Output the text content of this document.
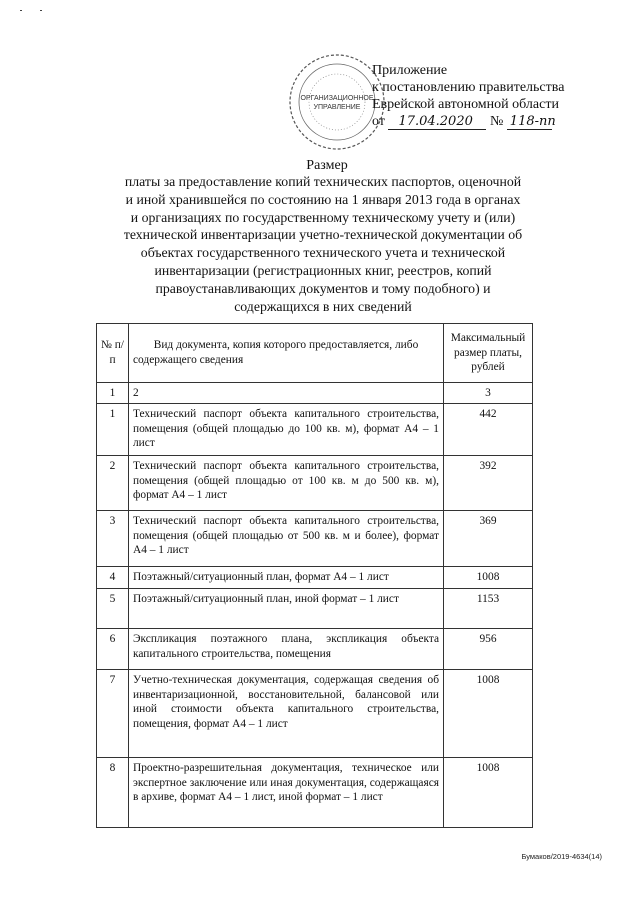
ОРГАНИЗАЦИОННОЕ
УПРАВЛЕНИЕ
Приложение
к постановлению правительства
Еврейской автономной области
от 17.04.2020 № 118-пп
Размер
платы за предоставление копий технических паспортов, оценочной и иной хранившейся по состоянию на 1 января 2013 года в органах и организациях по государственному техническому учету и (или) технической инвентаризации учетно-технической документации об объектах государственного технического учета и технической инвентаризации (регистрационных книг, реестров, копий правоустанавливающих документов и тому подобного) и содержащихся в них сведений
№ п/п	Вид документа, копия которого предоставляется, либо содержащего сведения	Максимальный размер платы, рублей
1	2	3
1	Технический паспорт объекта капитального строительства, помещения (общей площадью до 100 кв. м), формат А4 – 1 лист	442
2	Технический паспорт объекта капитального строительства, помещения (общей площадью от 100 кв. м до 500 кв. м), формат А4 – 1 лист	392
3	Технический паспорт объекта капитального строительства, помещения (общей площадью от 500 кв. м и более), формат А4 – 1 лист	369
4	Поэтажный/ситуационный план, формат А4 – 1 лист	1008
5	Поэтажный/ситуационный план, иной формат – 1 лист	1153
6	Экспликация поэтажного плана, экспликация объекта капитального строительства, помещения	956
7	Учетно-техническая документация, содержащая сведения об инвентаризационной, восстановительной, балансовой или иной стоимости объекта капитального строительства, помещения, формат А4 – 1 лист	1008
8	Проектно-разрешительная документация, техническое или экспертное заключение или иная документация, содержащаяся в архиве, формат А4 – 1 лист, иной формат – 1 лист	1008
Бумаков/2019-4634(14)
